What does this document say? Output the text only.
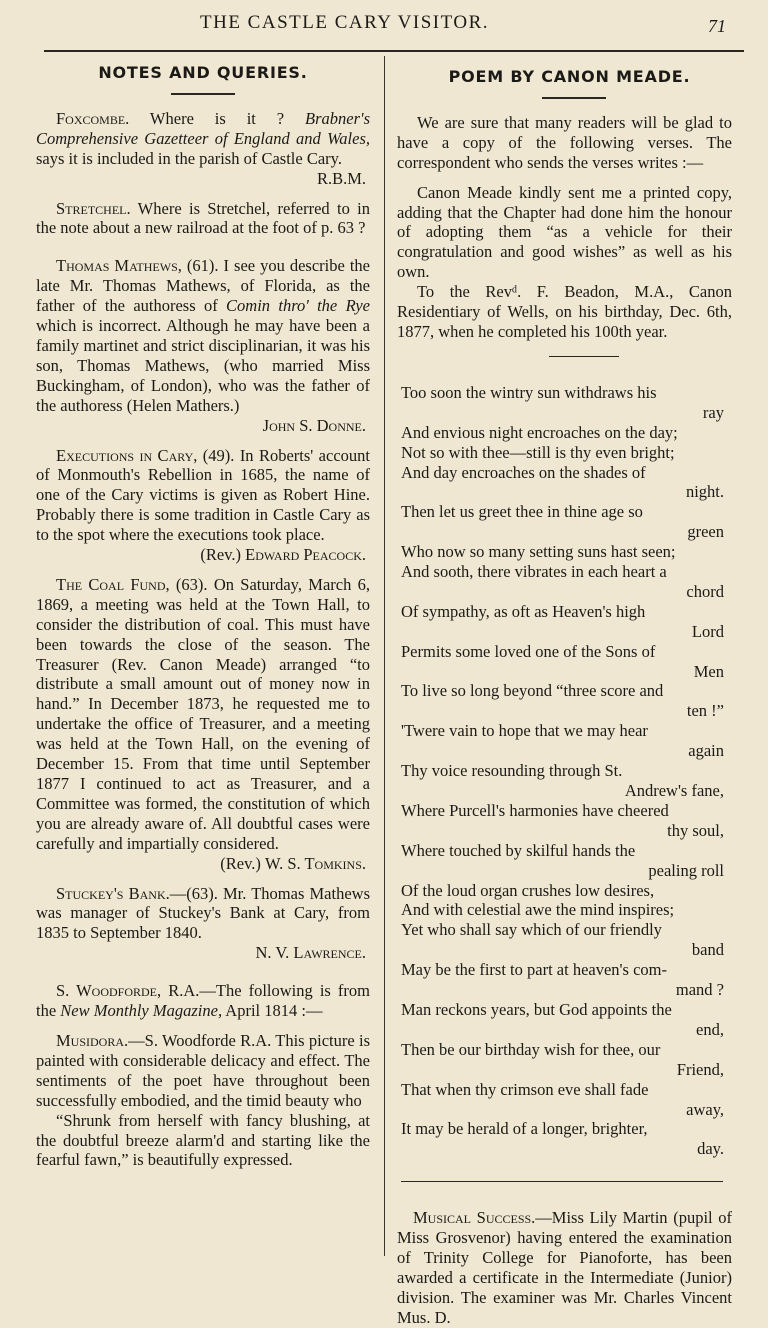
THE CASTLE CARY VISITOR.	71
NOTES AND QUERIES.

Foxcombe. Where is it ? Brabner's Comprehensive Gazetteer of England and Wales, says it is included in the parish of Castle Cary.

R.B.M.

Stretchel. Where is Stretchel, referred to in the note about a new railroad at the foot of p. 63 ?

Thomas Mathews, (61). I see you describe the late Mr. Thomas Mathews, of Florida, as the father of the authoress of Comin thro' the Rye which is incorrect. Although he may have been a family martinet and strict disciplinarian, it was his son, Thomas Mathews, (who married Miss Buckingham, of London), who was the father of the authoress (Helen Mathers.)

John S. Donne.

Executions in Cary, (49). In Roberts' account of Monmouth's Rebellion in 1685, the name of one of the Cary victims is given as Robert Hine. Probably there is some tradition in Castle Cary as to the spot where the executions took place.

(Rev.) Edward Peacock.

The Coal Fund, (63). On Saturday, March 6, 1869, a meeting was held at the Town Hall, to consider the distribution of coal. This must have been towards the close of the season. The Treasurer (Rev. Canon Meade) arranged “to distribute a small amount out of money now in hand.” In December 1873, he requested me to undertake the office of Treasurer, and a meeting was held at the Town Hall, on the evening of December 15. From that time until September 1877 I continued to act as Treasurer, and a Committee was formed, the constitution of which you are already aware of. All doubtful cases were carefully and impartially considered.

(Rev.) W. S. Tomkins.

Stuckey's Bank.—(63). Mr. Thomas Mathews was manager of Stuckey's Bank at Cary, from 1835 to September 1840.

N. V. Lawrence.

S. Woodforde, R.A.—The following is from the New Monthly Magazine, April 1814 :—

Musidora.—S. Woodforde R.A. This picture is painted with considerable delicacy and effect. The sentiments of the poet have throughout been successfully embodied, and the timid beauty who

“Shrunk from herself with fancy blushing, at the doubtful breeze alarm'd and starting like the fearful fawn,” is beautifully expressed.

POEM BY CANON MEADE.

We are sure that many readers will be glad to have a copy of the following verses. The correspondent who sends the verses writes :—

Canon Meade kindly sent me a printed copy, adding that the Chapter had done him the honour of adopting them “as a vehicle for their congratulation and good wishes” as well as his own.

To the Revᵈ. F. Beadon, M.A., Canon Residentiary of Wells, on his birthday, Dec. 6th, 1877, when he completed his 100th year.

Too soon the wintry sun withdraws his
ray
And envious night encroaches on the day;
Not so with thee—still is thy even bright;
And day encroaches on the shades of
night.
Then let us greet thee in thine age so
green
Who now so many setting suns hast seen;
And sooth, there vibrates in each heart a
chord
Of sympathy, as oft as Heaven's high
Lord
Permits some loved one of the Sons of
Men
To live so long beyond “three score and
ten !”
'Twere vain to hope that we may hear
again
Thy voice resounding through St.
Andrew's fane,
Where Purcell's harmonies have cheered
thy soul,
Where touched by skilful hands the
pealing roll
Of the loud organ crushes low desires,
And with celestial awe the mind inspires;
Yet who shall say which of our friendly
band
May be the first to part at heaven's com-
mand ?
Man reckons years, but God appoints the
end,
Then be our birthday wish for thee, our
Friend,
That when thy crimson eve shall fade
away,
It may be herald of a longer, brighter,
day.

Musical Success.—Miss Lily Martin (pupil of Miss Grosvenor) having entered the examination of Trinity College for Pianoforte, has been awarded a certificate in the Intermediate (Junior) division. The examiner was Mr. Charles Vincent Mus. D.
